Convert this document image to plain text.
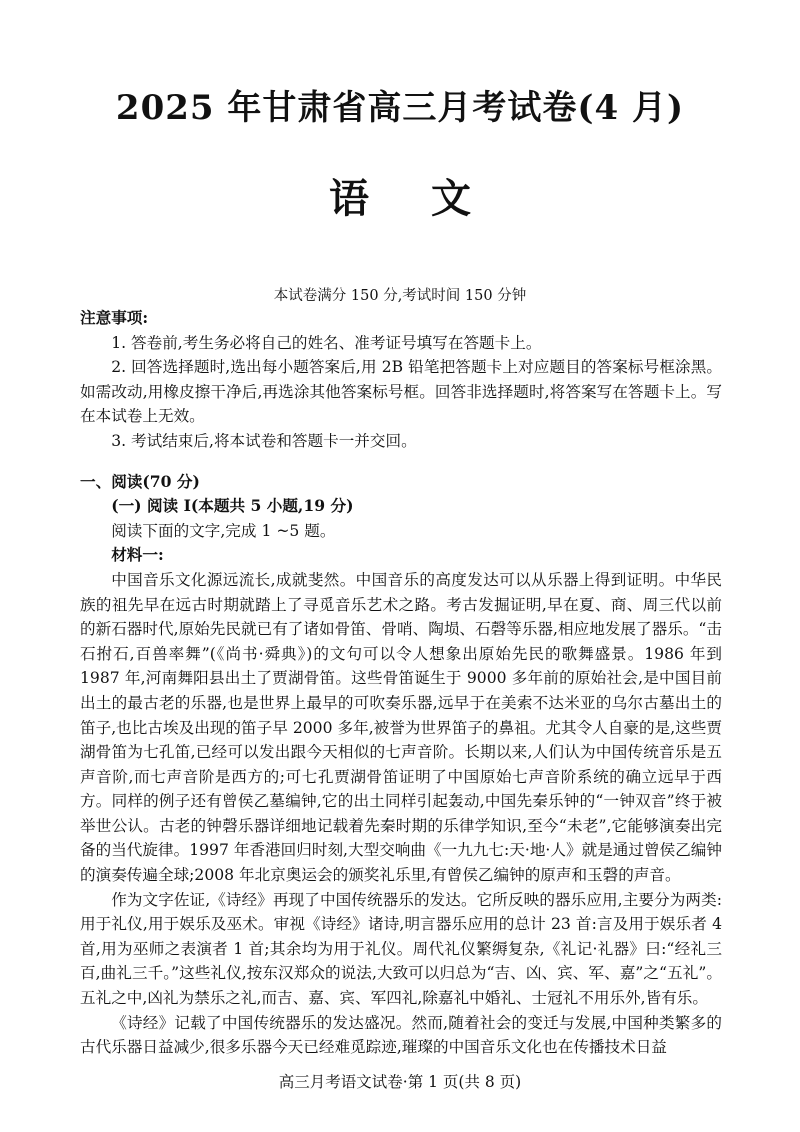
2025 年甘肃省高三月考试卷(4 月)
语文
本试卷满分 150 分,考试时间 150 分钟

注意事项:

1. 答卷前,考生务必将自己的姓名、准考证号填写在答题卡上。

2. 回答选择题时,选出每小题答案后,用 2B 铅笔把答题卡上对应题目的答案标号框涂黑。如需改动,用橡皮擦干净后,再选涂其他答案标号框。回答非选择题时,将答案写在答题卡上。写在本试卷上无效。

3. 考试结束后,将本试卷和答题卡一并交回。

一、阅读(70 分)

(一) 阅读 I(本题共 5 小题,19 分)

阅读下面的文字,完成 1 ~5 题。

材料一:

中国音乐文化源远流长,成就斐然。中国音乐的高度发达可以从乐器上得到证明。中华民族的祖先早在远古时期就踏上了寻觅音乐艺术之路。考古发掘证明,早在夏、商、周三代以前的新石器时代,原始先民就已有了诸如骨笛、骨哨、陶埙、石磬等乐器,相应地发展了器乐。“击石拊石,百兽率舞”(《尚书·舜典》)的文句可以令人想象出原始先民的歌舞盛景。1986 年到 1987 年,河南舞阳县出土了贾湖骨笛。这些骨笛诞生于 9000 多年前的原始社会,是中国目前出土的最古老的乐器,也是世界上最早的可吹奏乐器,远早于在美索不达米亚的乌尔古墓出土的笛子,也比古埃及出现的笛子早 2000 多年,被誉为世界笛子的鼻祖。尤其令人自豪的是,这些贾湖骨笛为七孔笛,已经可以发出跟今天相似的七声音阶。长期以来,人们认为中国传统音乐是五声音阶,而七声音阶是西方的;可七孔贾湖骨笛证明了中国原始七声音阶系统的确立远早于西方。同样的例子还有曾侯乙墓编钟,它的出土同样引起轰动,中国先秦乐钟的“一钟双音”终于被举世公认。古老的钟磬乐器详细地记载着先秦时期的乐律学知识,至今“未老”,它能够演奏出完备的当代旋律。1997 年香港回归时刻,大型交响曲《一九九七:天·地·人》就是通过曾侯乙编钟的演奏传遍全球;2008 年北京奥运会的颁奖礼乐里,有曾侯乙编钟的原声和玉磬的声音。

作为文字佐证,《诗经》再现了中国传统器乐的发达。它所反映的器乐应用,主要分为两类:用于礼仪,用于娱乐及巫术。审视《诗经》诸诗,明言器乐应用的总计 23 首:言及用于娱乐者 4 首,用为巫师之表演者 1 首;其余均为用于礼仪。周代礼仪繁缛复杂,《礼记·礼器》曰:“经礼三百,曲礼三千。”这些礼仪,按东汉郑众的说法,大致可以归总为“吉、凶、宾、军、嘉”之“五礼”。五礼之中,凶礼为禁乐之礼,而吉、嘉、宾、军四礼,除嘉礼中婚礼、士冠礼不用乐外,皆有乐。

《诗经》记载了中国传统器乐的发达盛况。然而,随着社会的变迁与发展,中国种类繁多的古代乐器日益减少,很多乐器今天已经难觅踪迹,璀璨的中国音乐文化也在传播技术日益

高三月考语文试卷·第 1 页(共 8 页)
